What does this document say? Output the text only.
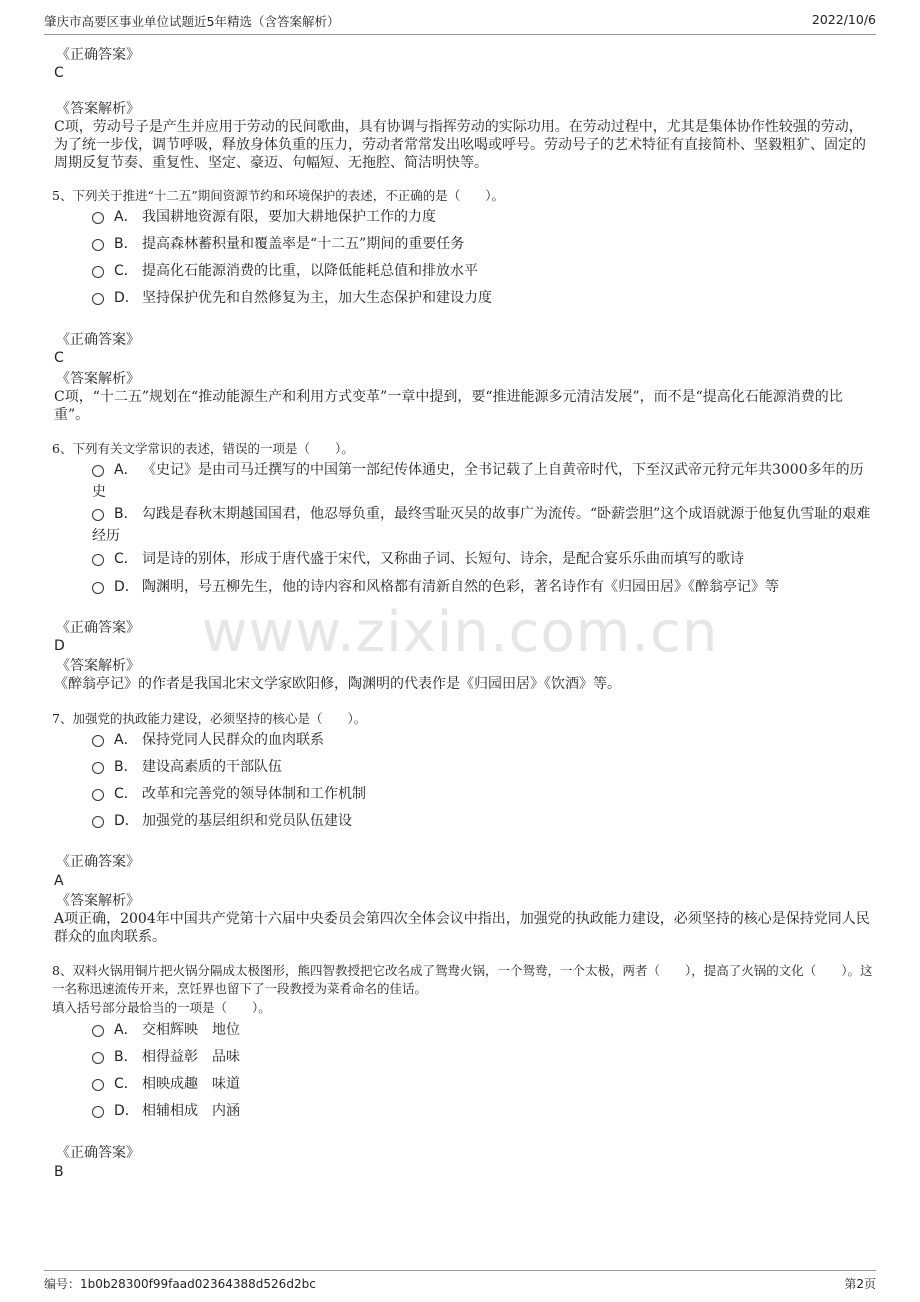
肇庆市高要区事业单位试题近5年精选（含答案解析）	2022/10/6
www.zixin.com.cn
《正确答案》
C
《答案解析》
C项，劳动号子是产生并应用于劳动的民间歌曲，具有协调与指挥劳动的实际功用。在劳动过程中，尤其是集体协作性较强的劳动，为了统一步伐，调节呼吸，释放身体负重的压力，劳动者常常发出吆喝或呼号。劳动号子的艺术特征有直接简朴、坚毅粗犷、固定的周期反复节奏、重复性、坚定、豪迈、句幅短、无拖腔、简洁明快等。
5、下列关于推进“十二五”期间资源节约和环境保护的表述，不正确的是（　　）。
A． 我国耕地资源有限，要加大耕地保护工作的力度
B． 提高森林蓄积量和覆盖率是“十二五”期间的重要任务
C． 提高化石能源消费的比重，以降低能耗总值和排放水平
D． 坚持保护优先和自然修复为主，加大生态保护和建设力度
《正确答案》
C
《答案解析》
C项，“十二五”规划在“推动能源生产和利用方式变革”一章中提到，要“推进能源多元清洁发展”，而不是“提高化石能源消费的比重”。
6、下列有关文学常识的表述，错误的一项是（　　）。
A． 《史记》是由司马迁撰写的中国第一部纪传体通史，全书记载了上自黄帝时代，下至汉武帝元狩元年共3000多年的历史
B． 勾践是春秋末期越国国君，他忍辱负重，最终雪耻灭吴的故事广为流传。“卧薪尝胆”这个成语就源于他复仇雪耻的艰难经历
C． 词是诗的别体，形成于唐代盛于宋代，又称曲子词、长短句、诗余，是配合宴乐乐曲而填写的歌诗
D． 陶渊明，号五柳先生，他的诗内容和风格都有清新自然的色彩，著名诗作有《归园田居》《醉翁亭记》等
《正确答案》
D
《答案解析》
《醉翁亭记》的作者是我国北宋文学家欧阳修，陶渊明的代表作是《归园田居》《饮酒》等。
7、加强党的执政能力建设，必须坚持的核心是（　　）。
A． 保持党同人民群众的血肉联系
B． 建设高素质的干部队伍
C． 改革和完善党的领导体制和工作机制
D． 加强党的基层组织和党员队伍建设
《正确答案》
A
《答案解析》
A项正确，2004年中国共产党第十六届中央委员会第四次全体会议中指出，加强党的执政能力建设，必须坚持的核心是保持党同人民群众的血肉联系。
8、双料火锅用铜片把火锅分隔成太极图形，熊四智教授把它改名成了鸳鸯火锅，一个鸳鸯，一个太极，两者（　　），提高了火锅的文化（　　）。这一名称迅速流传开来，烹饪界也留下了一段教授为菜肴命名的佳话。
填入括号部分最恰当的一项是（　　）。
A． 交相辉映　地位
B． 相得益彰　品味
C． 相映成趣　味道
D． 相辅相成　内涵
《正确答案》
B
编号：1b0b28300f99faad02364388d526d2bc	第2页
